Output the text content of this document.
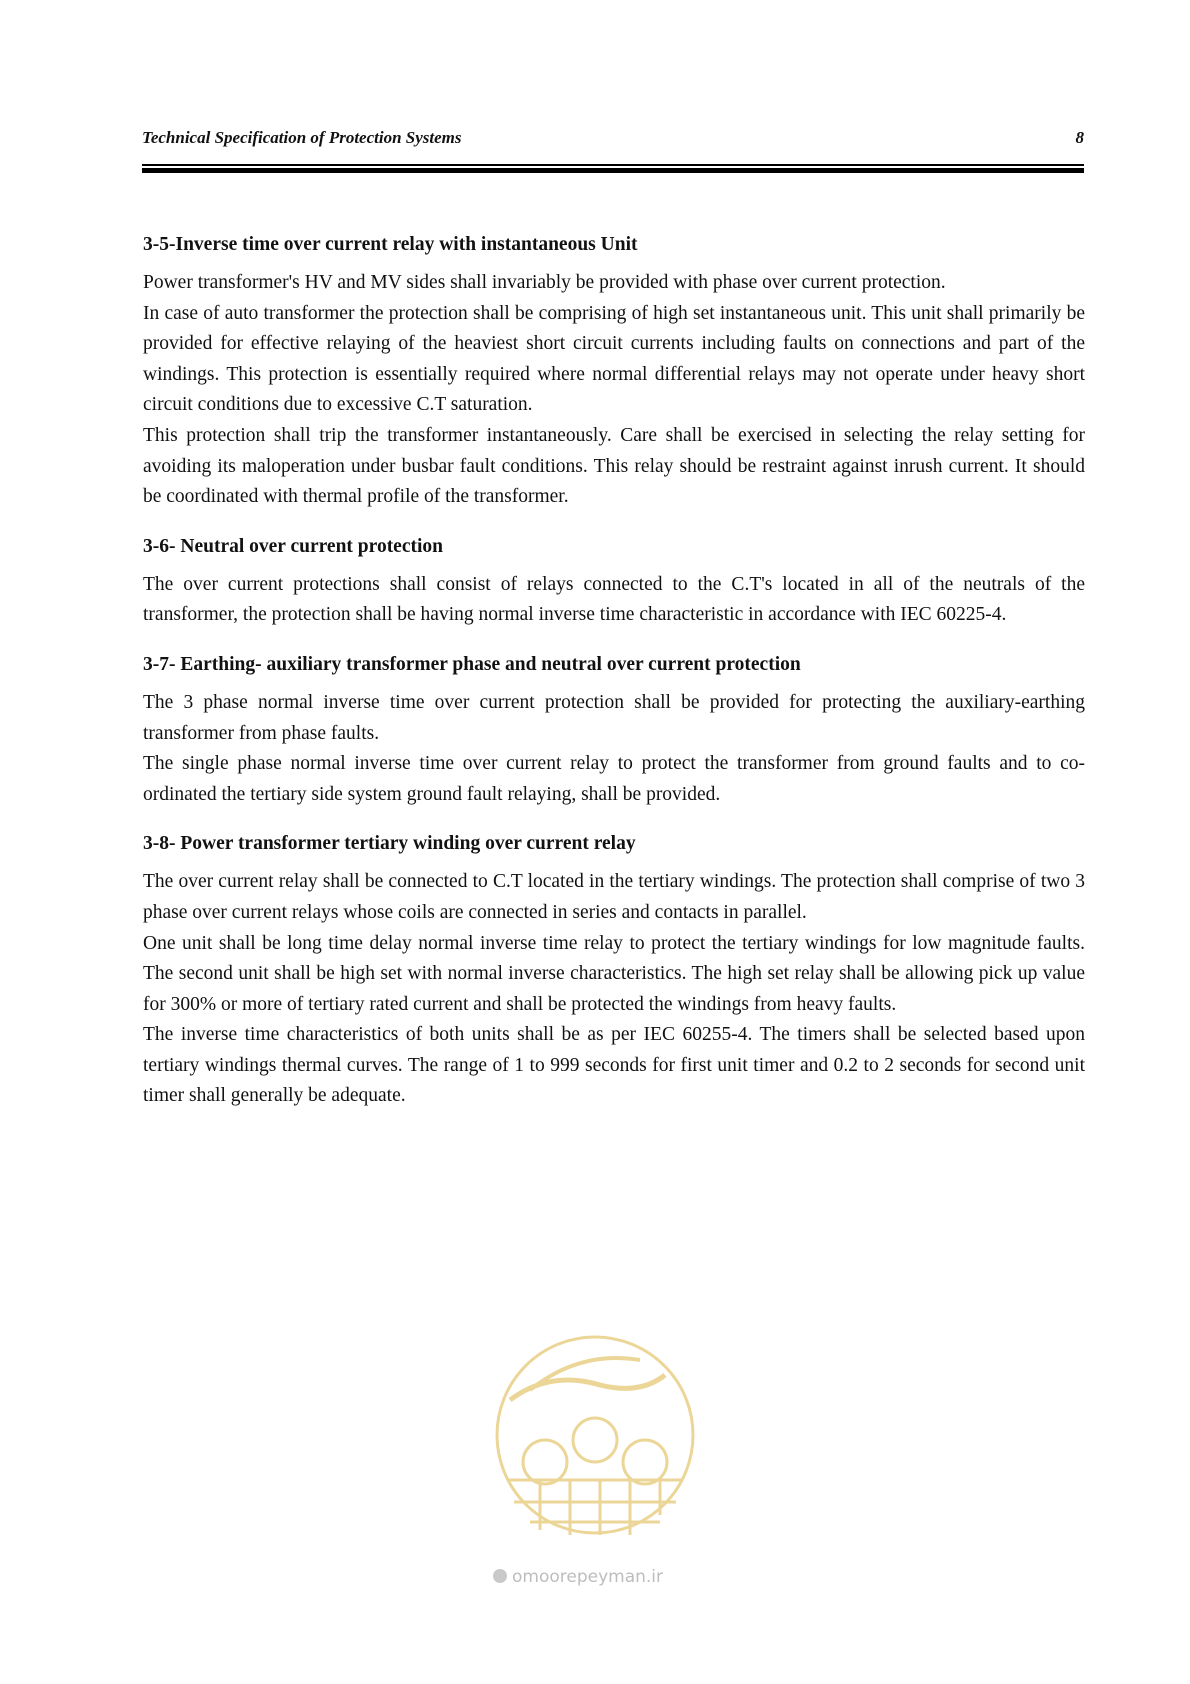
Technical Specification of Protection Systems	8
3-5-Inverse time over current relay with instantaneous Unit

Power transformer's HV and MV sides shall invariably be provided with phase over current protection.

In case of auto transformer the protection shall be comprising of high set instantaneous unit. This unit shall primarily be provided for effective relaying of the heaviest short circuit currents including faults on connections and part of the windings. This protection is essentially required where normal differential relays may not operate under heavy short circuit conditions due to excessive C.T saturation.

This protection shall trip the transformer instantaneously. Care shall be exercised in selecting the relay setting for avoiding its maloperation under busbar fault conditions. This relay should be restraint against inrush current. It should be coordinated with thermal profile of the transformer.

3-6- Neutral over current protection

The over current protections shall consist of relays connected to the C.T's located in all of the neutrals of the transformer, the protection shall be having normal inverse time characteristic in accordance with IEC 60225-4.

3-7- Earthing- auxiliary transformer phase and neutral over current protection

The 3 phase normal inverse time over current protection shall be provided for protecting the auxiliary-earthing transformer from phase faults.

The single phase normal inverse time over current relay to protect the transformer from ground faults and to co-ordinated the tertiary side system ground fault relaying, shall be provided.

3-8- Power transformer tertiary winding over current relay

The over current relay shall be connected to C.T located in the tertiary windings. The protection shall comprise of two 3 phase over current relays whose coils are connected in series and contacts in parallel.

One unit shall be long time delay normal inverse time relay to protect the tertiary windings for low magnitude faults. The second unit shall be high set with normal inverse characteristics. The high set relay shall be allowing pick up value for 300% or more of tertiary rated current and shall be protected the windings from heavy faults.

The inverse time characteristics of both units shall be as per IEC 60255-4. The timers shall be selected based upon tertiary windings thermal curves. The range of 1 to 999 seconds for first unit timer and 0.2 to 2 seconds for second unit timer shall generally be adequate.

omoorepeyman.ir
